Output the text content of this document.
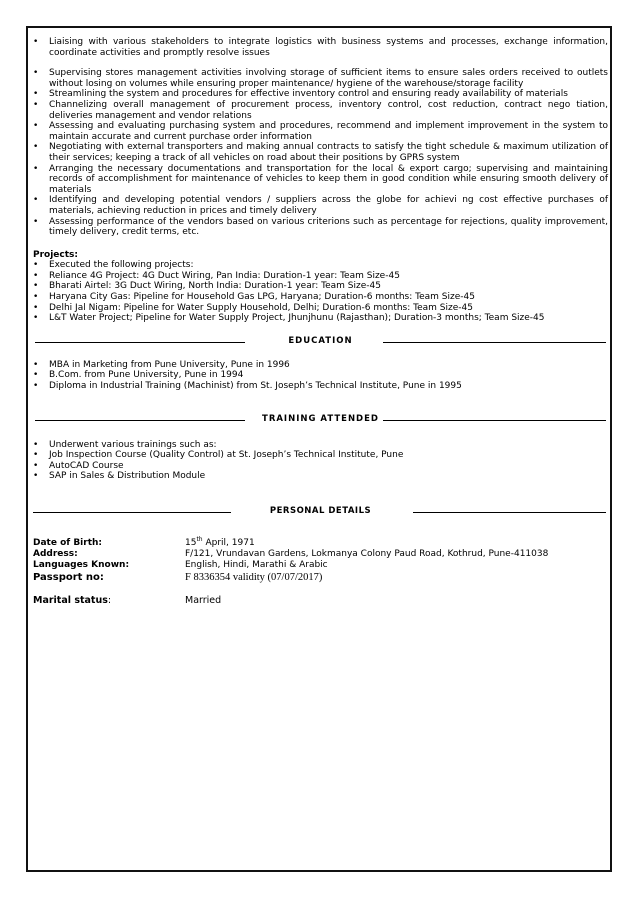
• Liaising with various stakeholders to integrate logistics with business systems and processes, exchange information, coordinate activities and promptly resolve issues
• Supervising stores management activities involving storage of sufficient items to ensure sales orders received to outlets without losing on volumes while ensuring proper maintenance/ hygiene of the warehouse/storage facility
• Streamlining the system and procedures for effective inventory control and ensuring ready availability of materials
• Channelizing overall management of procurement process, inventory control, cost reduction, contract nego tiation, deliveries management and vendor relations
• Assessing and evaluating purchasing system and procedures, recommend and implement improvement in the system to maintain accurate and current purchase order information
• Negotiating with external transporters and making annual contracts to satisfy the tight schedule & maximum utilization of their services; keeping a track of all vehicles on road about their positions by GPRS system
• Arranging the necessary documentations and transportation for the local & export cargo; supervising and maintaining records of accomplishment for maintenance of vehicles to keep them in good condition while ensuring smooth delivery of materials
• Identifying and developing potential vendors / suppliers across the globe for achievi ng cost effective purchases of materials, achieving reduction in prices and timely delivery
• Assessing performance of the vendors based on various criterions such as percentage for rejections, quality improvement, timely delivery, credit terms, etc.
Projects:
• Executed the following projects:
• Reliance 4G Project: 4G Duct Wiring, Pan India: Duration-1 year: Team Size-45
• Bharati Airtel: 3G Duct Wiring, North India: Duration-1 year: Team Size-45
• Haryana City Gas: Pipeline for Household Gas LPG, Haryana; Duration-6 months: Team Size-45
• Delhi Jal Nigam: Pipeline for Water Supply Household, Delhi; Duration-6 months: Team Size-45
• L&T Water Project; Pipeline for Water Supply Project, Jhunjhunu (Rajasthan); Duration-3 months; Team Size-45
EDUCATION
• MBA in Marketing from Pune University, Pune in 1996
• B.Com. from Pune University, Pune in 1994
• Diploma in Industrial Training (Machinist) from St. Joseph’s Technical Institute, Pune in 1995
TRAINING ATTENDED
• Underwent various trainings such as:
• Job Inspection Course (Quality Control) at St. Joseph’s Technical Institute, Pune
• AutoCAD Course
• SAP in Sales & Distribution Module
PERSONAL DETAILS
Date of Birth:	15th April, 1971
Address:	F/121, Vrundavan Gardens, Lokmanya Colony Paud Road, Kothrud, Pune-411038
Languages Known:	English, Hindi, Marathi & Arabic
Passport no:	F 8336354 validity (07/07/2017)
Marital status:	Married
